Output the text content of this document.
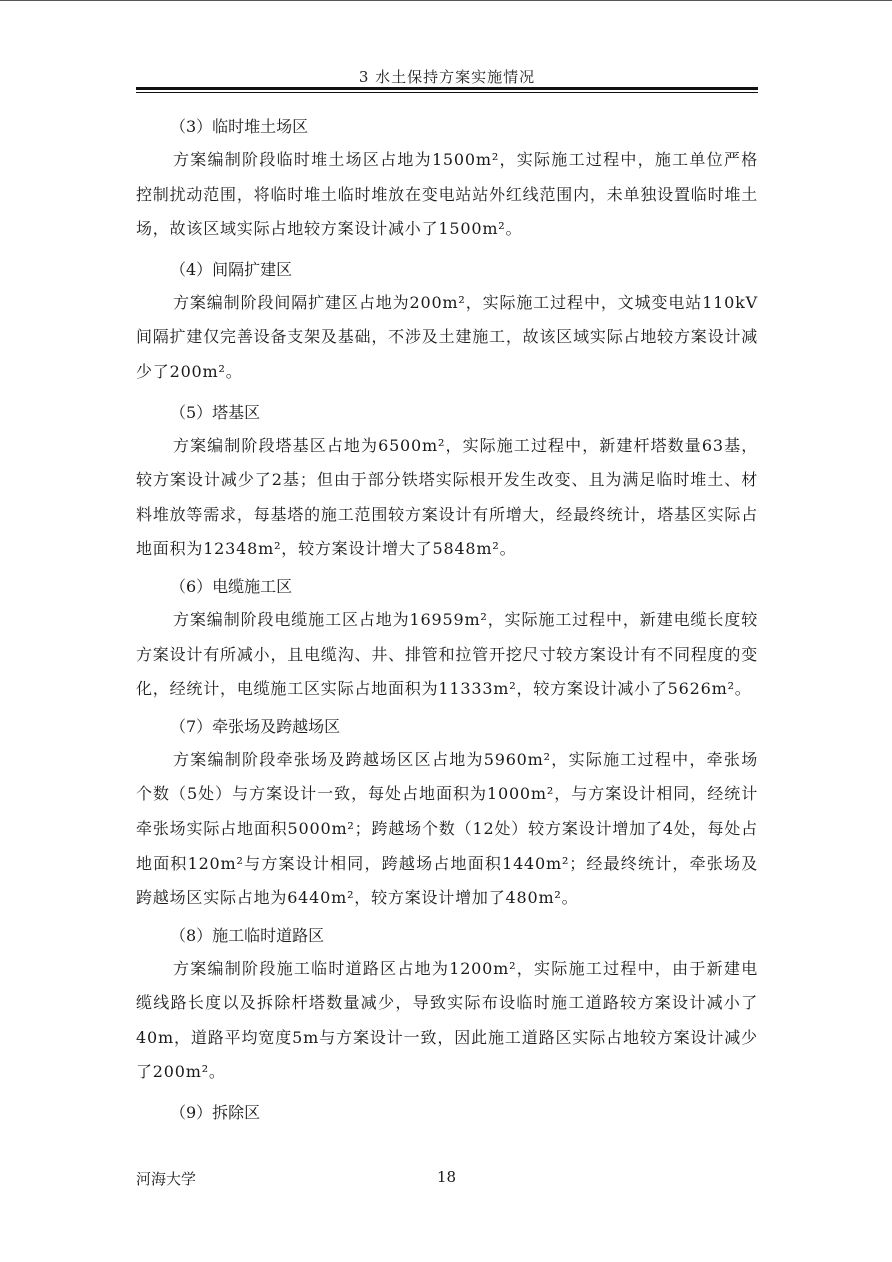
3 水土保持方案实施情况

（3）临时堆土场区

方案编制阶段临时堆土场区占地为1500m²，实际施工过程中，施工单位严格控制扰动范围，将临时堆土临时堆放在变电站站外红线范围内，未单独设置临时堆土场，故该区域实际占地较方案设计减小了1500m²。

（4）间隔扩建区

方案编制阶段间隔扩建区占地为200m²，实际施工过程中，文城变电站110kV间隔扩建仅完善设备支架及基础，不涉及土建施工，故该区域实际占地较方案设计减少了200m²。

（5）塔基区

方案编制阶段塔基区占地为6500m²，实际施工过程中，新建杆塔数量63基，较方案设计减少了2基；但由于部分铁塔实际根开发生改变、且为满足临时堆土、材料堆放等需求，每基塔的施工范围较方案设计有所增大，经最终统计，塔基区实际占地面积为12348m²，较方案设计增大了5848m²。

（6）电缆施工区

方案编制阶段电缆施工区占地为16959m²，实际施工过程中，新建电缆长度较方案设计有所减小，且电缆沟、井、排管和拉管开挖尺寸较方案设计有不同程度的变化，经统计，电缆施工区实际占地面积为11333m²，较方案设计减小了5626m²。

（7）牵张场及跨越场区

方案编制阶段牵张场及跨越场区区占地为5960m²，实际施工过程中，牵张场个数（5处）与方案设计一致，每处占地面积为1000m²，与方案设计相同，经统计牵张场实际占地面积5000m²；跨越场个数（12处）较方案设计增加了4处，每处占地面积120m²与方案设计相同，跨越场占地面积1440m²；经最终统计，牵张场及跨越场区实际占地为6440m²，较方案设计增加了480m²。

（8）施工临时道路区

方案编制阶段施工临时道路区占地为1200m²，实际施工过程中，由于新建电缆线路长度以及拆除杆塔数量减少，导致实际布设临时施工道路较方案设计减小了40m，道路平均宽度5m与方案设计一致，因此施工道路区实际占地较方案设计减少了200m²。

（9）拆除区

河海大学	18
